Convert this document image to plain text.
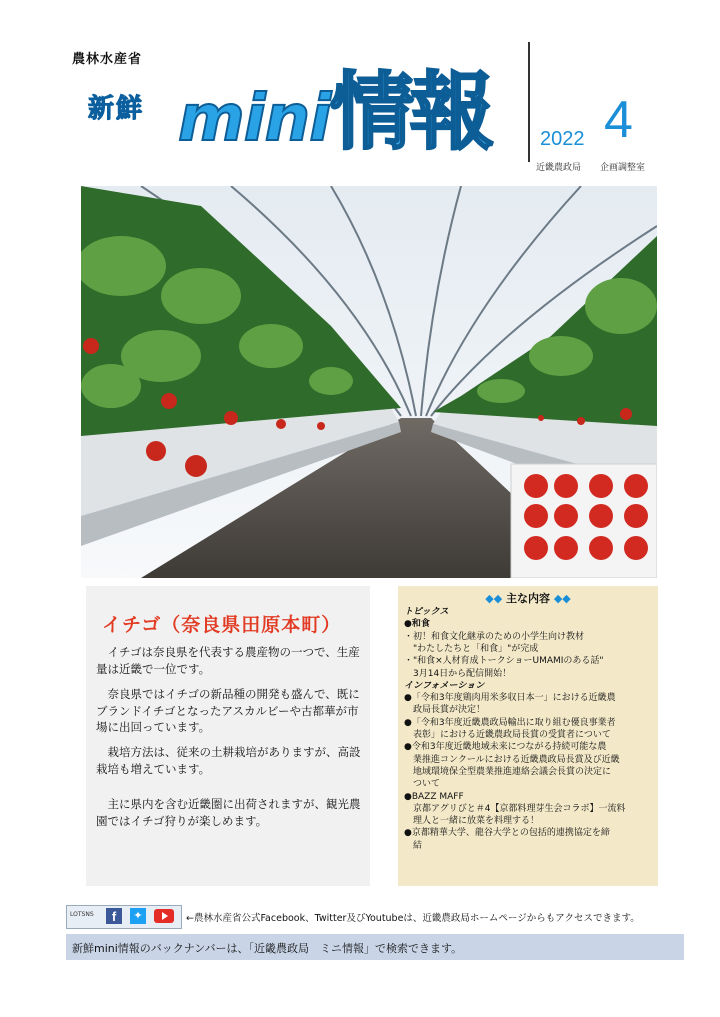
農林水産省
新鮮 mini 情報 2022 4
近畿農政局 企画調整室
イチゴ（奈良県田原本町）
　イチゴは奈良県を代表する農産物の一つで、生産量は近畿で一位です。
　奈良県ではイチゴの新品種の開発も盛んで、既にブランドイチゴとなったアスカルビーや古都華が市場に出回っています。
　栽培方法は、従来の土耕栽培がありますが、高設栽培も増えています。
　主に県内を含む近畿圏に出荷されますが、観光農園ではイチゴ狩りが楽しめます。
◆◆ 主な内容 ◆◆
トピックス
●和食
・初！和食文化継承のための小学生向け教材
　"わたしたちと「和食」"が完成
・"和食×人材育成トークショーUMAMIのある話"
　3月14日から配信開始！
インフォメーション
●「令和3年度鶏肉用米多収日本一」における近畿農
　政局長賞が決定！
●「令和3年度近畿農政局輸出に取り組む優良事業者
　表彰」における近畿農政局長賞の受賞者について
●令和3年度近畿地域未来につながる持続可能な農
　業推進コンクールにおける近畿農政局長賞及び近畿
　地域環境保全型農業推進連絡会議会長賞の決定に
　ついて
●BAZZ MAFF
　京都アグリびと＃4【京都料理芽生会コラボ】一流料
　理人と一緒に放菜を料理する！
●京都精華大学、龍谷大学との包括的連携協定を締
　結
LOTSNS	f	✦	←農林水産省公式Facebook、Twitter及びYoutubeは、近畿農政局ホームページからもアクセスできます。
新鮮mini情報のバックナンバーは、「近畿農政局　ミニ情報」で検索できます。
